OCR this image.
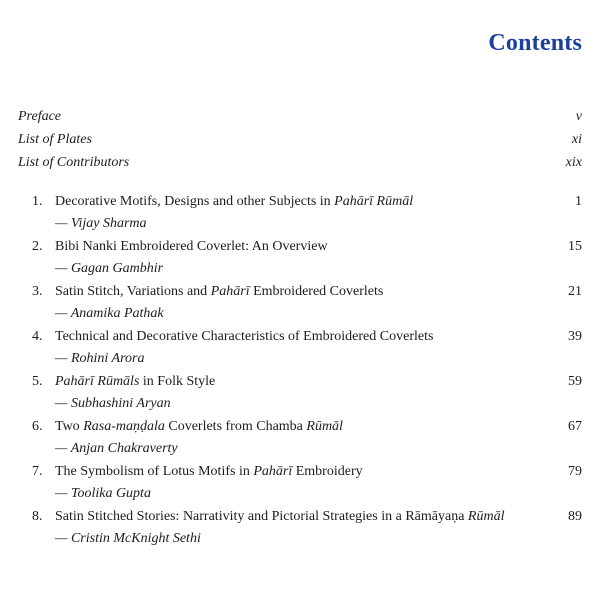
Contents
Preface	v
List of Plates	xi
List of Contributors	xix
1. Decorative Motifs, Designs and other Subjects in Pahārī Rūmāl	1
— Vijay Sharma
2. Bibi Nanki Embroidered Coverlet: An Overview	15
— Gagan Gambhir
3. Satin Stitch, Variations and Pahārī Embroidered Coverlets	21
— Anamika Pathak
4. Technical and Decorative Characteristics of Embroidered Coverlets	39
— Rohini Arora
5. Pahārī Rūmāls in Folk Style	59
— Subhashini Aryan
6. Two Rasa-maṇḍala Coverlets from Chamba Rūmāl	67
— Anjan Chakraverty
7. The Symbolism of Lotus Motifs in Pahārī Embroidery	79
— Toolika Gupta
8. Satin Stitched Stories: Narrativity and Pictorial Strategies in a Rāmāyaṇa Rūmāl	89
— Cristin McKnight Sethi
